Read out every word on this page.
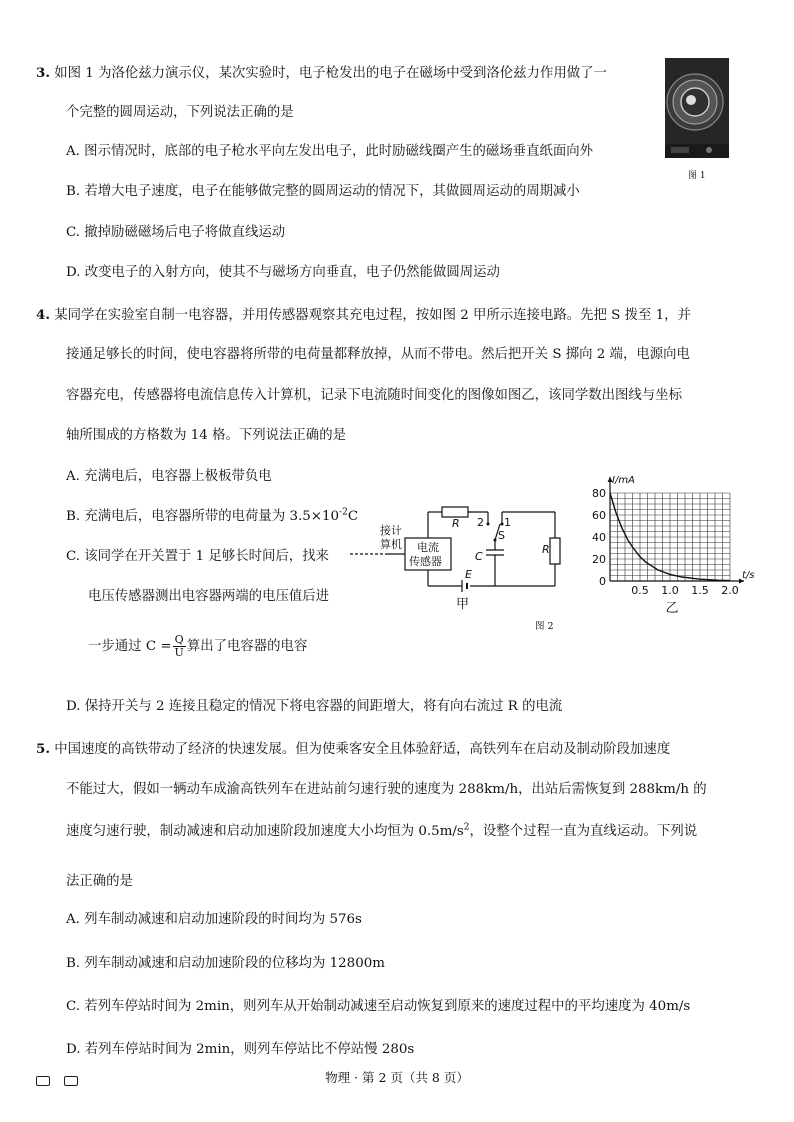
3. 如图 1 为洛伦兹力演示仪，某次实验时，电子枪发出的电子在磁场中受到洛伦兹力作用做了一
个完整的圆周运动，下列说法正确的是
图 1
A. 图示情况时，底部的电子枪水平向左发出电子，此时励磁线圈产生的磁场垂直纸面向外
B. 若增大电子速度，电子在能够做完整的圆周运动的情况下，其做圆周运动的周期减小
C. 撤掉励磁磁场后电子将做直线运动
D. 改变电子的入射方向，使其不与磁场方向垂直，电子仍然能做圆周运动
4. 某同学在实验室自制一电容器，并用传感器观察其充电过程，按如图 2 甲所示连接电路。先把 S 拨至 1，并
接通足够长的时间，使电容器将所带的电荷量都释放掉，从而不带电。然后把开关 S 掷向 2 端，电源向电
容器充电，传感器将电流信息传入计算机，记录下电流随时间变化的图像如图乙，该同学数出图线与坐标
轴所围成的方格数为 14 格。下列说法正确的是
A. 充满电后，电容器上极板带负电
B. 充满电后，电容器所带的电荷量为 $3.5\times 10^{-2}C$
C. 该同学在开关置于 1 足够长时间后，找来
电压传感器测出电容器两端的电压值后进
一步通过 $C = \frac{Q}{U}$ 算出了电容器的电容
D. 保持开关与 2 连接且稳定的情况下将电容器的间距增大，将有向右流过 R 的电流
接计
算机 电流
传感器
R 2 1
S
C
R
E
甲
20
40
60
80
0.5 1.0 1.5 2.0
0	t/s
I/mA
乙
图 2
5. 中国速度的高铁带动了经济的快速发展。但为使乘客安全且体验舒适，高铁列车在启动及制动阶段加速度
不能过大，假如一辆动车成渝高铁列车在进站前匀速行驶的速度为 288km/h，出站后需恢复到 288km/h 的
速度匀速行驶，制动减速和启动加速阶段加速度大小均恒为 $0.5m/s^2$，设整个过程一直为直线运动。下列说
法正确的是
A. 列车制动减速和启动加速阶段的时间均为 576s
B. 列车制动减速和启动加速阶段的位移均为 12800m
C. 若列车停站时间为 2min，则列车从开始制动减速至启动恢复到原来的速度过程中的平均速度为 40m/s
D. 若列车停站时间为 2min，则列车停站比不停站慢 280s
物理 · 第 2 页（共 8 页）
